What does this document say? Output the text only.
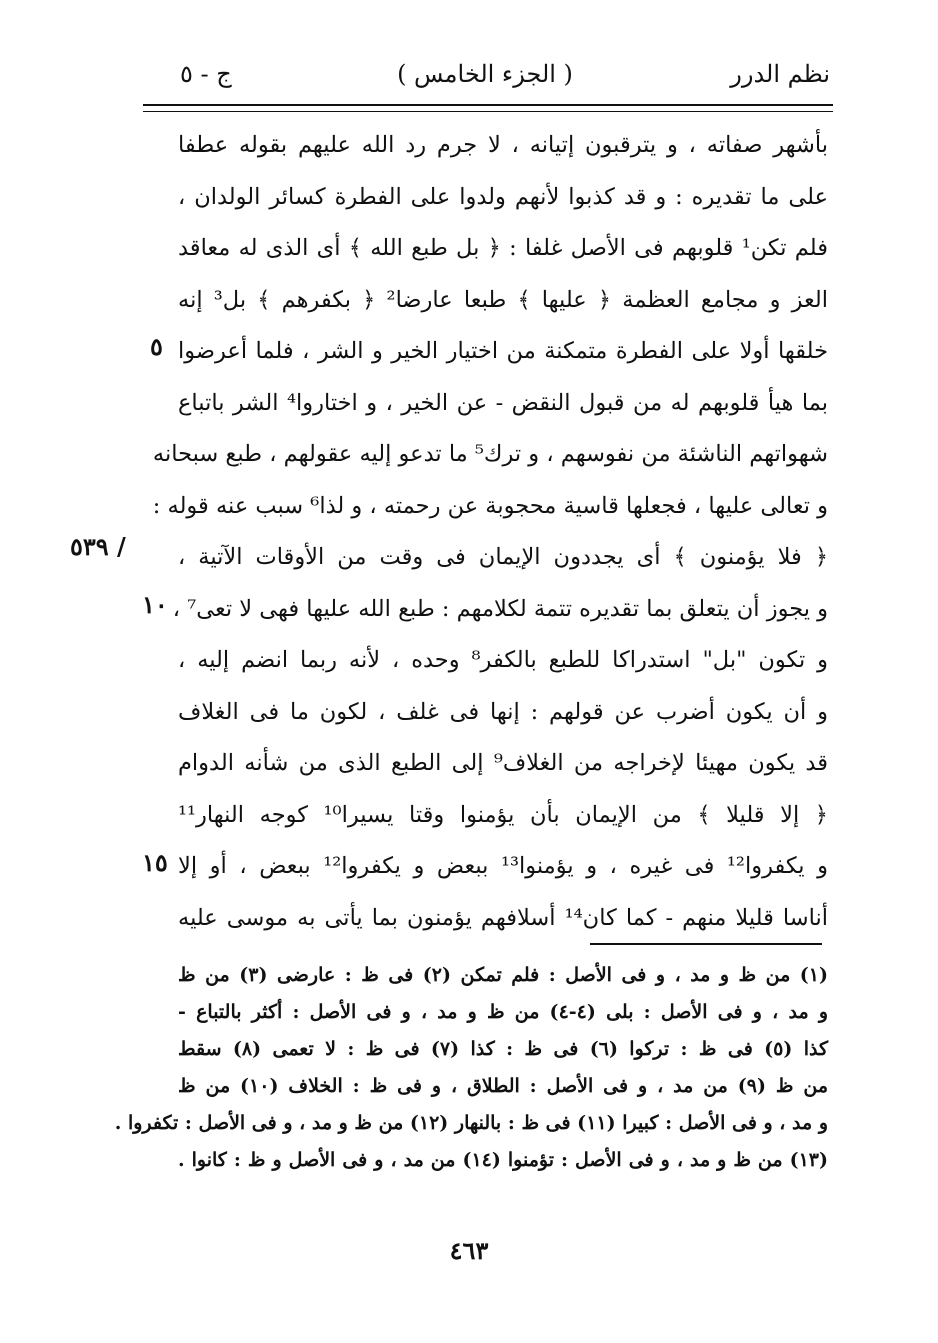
نظم الدرر
( الجزء الخامس )
ج - ٥
بأشهر صفاته ، و يترقبون إتيانه ، لا جرم رد الله عليهم بقوله عطفا
على ما تقديره : و قد كذبوا لأنهم ولدوا على الفطرة كسائر الولدان ،
فلم تكن¹ قلوبهم فى الأصل غلفا : ﴿ بل طبع الله ﴾ أى الذى له معاقد
العز و مجامع العظمة ﴿ عليها ﴾ طبعا عارضا² ﴿ بكفرهم ﴾ بل³ إنه
خلقها أولا على الفطرة متمكنة من اختيار الخير و الشر ، فلما أعرضوا
بما هيأ قلوبهم له من قبول النقض - عن الخير ، و اختاروا⁴ الشر باتباع
شهواتهم الناشئة من نفوسهم ، و ترك⁵ ما تدعو إليه عقولهم ، طبع سبحانه
و تعالى عليها ، فجعلها قاسية محجوبة عن رحمته ، و لذا⁶ سبب عنه قوله :
﴿ فلا يؤمنون ﴾ أى يجددون الإيمان فى وقت من الأوقات الآتية ،
و يجوز أن يتعلق بما تقديره تتمة لكلامهم : طبع الله عليها فهى لا تعى⁷ ،
و تكون "بل" استدراكا للطبع بالكفر⁸ وحده ، لأنه ربما انضم إليه ،
و أن يكون أضرب عن قولهم : إنها فى غلف ، لكون ما فى الغلاف
قد يكون مهيئا لإخراجه من الغلاف⁹ إلى الطبع الذى من شأنه الدوام
﴿ إلا قليلا ﴾ من الإيمان بأن يؤمنوا وقتا يسيرا¹⁰ كوجه النهار¹¹
و يكفروا¹² فى غيره ، و يؤمنوا¹³ ببعض و يكفروا¹² ببعض ، أو إلا
أناسا قليلا منهم - كما كان¹⁴ أسلافهم يؤمنون بما يأتى به موسى عليه
٥
١٠
١٥
/ ٥٣٩
(١) من ظ و مد ، و فى الأصل : فلم تمكن (٢) فى ظ : عارضى (٣) من ظ
و مد ، و فى الأصل : بلى (٤-٤) من ظ و مد ، و فى الأصل : أكثر بالتباع -
كذا (٥) فى ظ : تركوا (٦) فى ظ : كذا (٧) فى ظ : لا تعمى (٨) سقط
من ظ (٩) من مد ، و فى الأصل : الطلاق ، و فى ظ : الخلاف (١٠) من ظ
و مد ، و فى الأصل : كبيرا (١١) فى ظ : بالنهار (١٢) من ظ و مد ، و فى الأصل : تكفروا .
(١٣) من ظ و مد ، و فى الأصل : تؤمنوا (١٤) من مد ، و فى الأصل و ظ : كانوا .
٤٦٣
